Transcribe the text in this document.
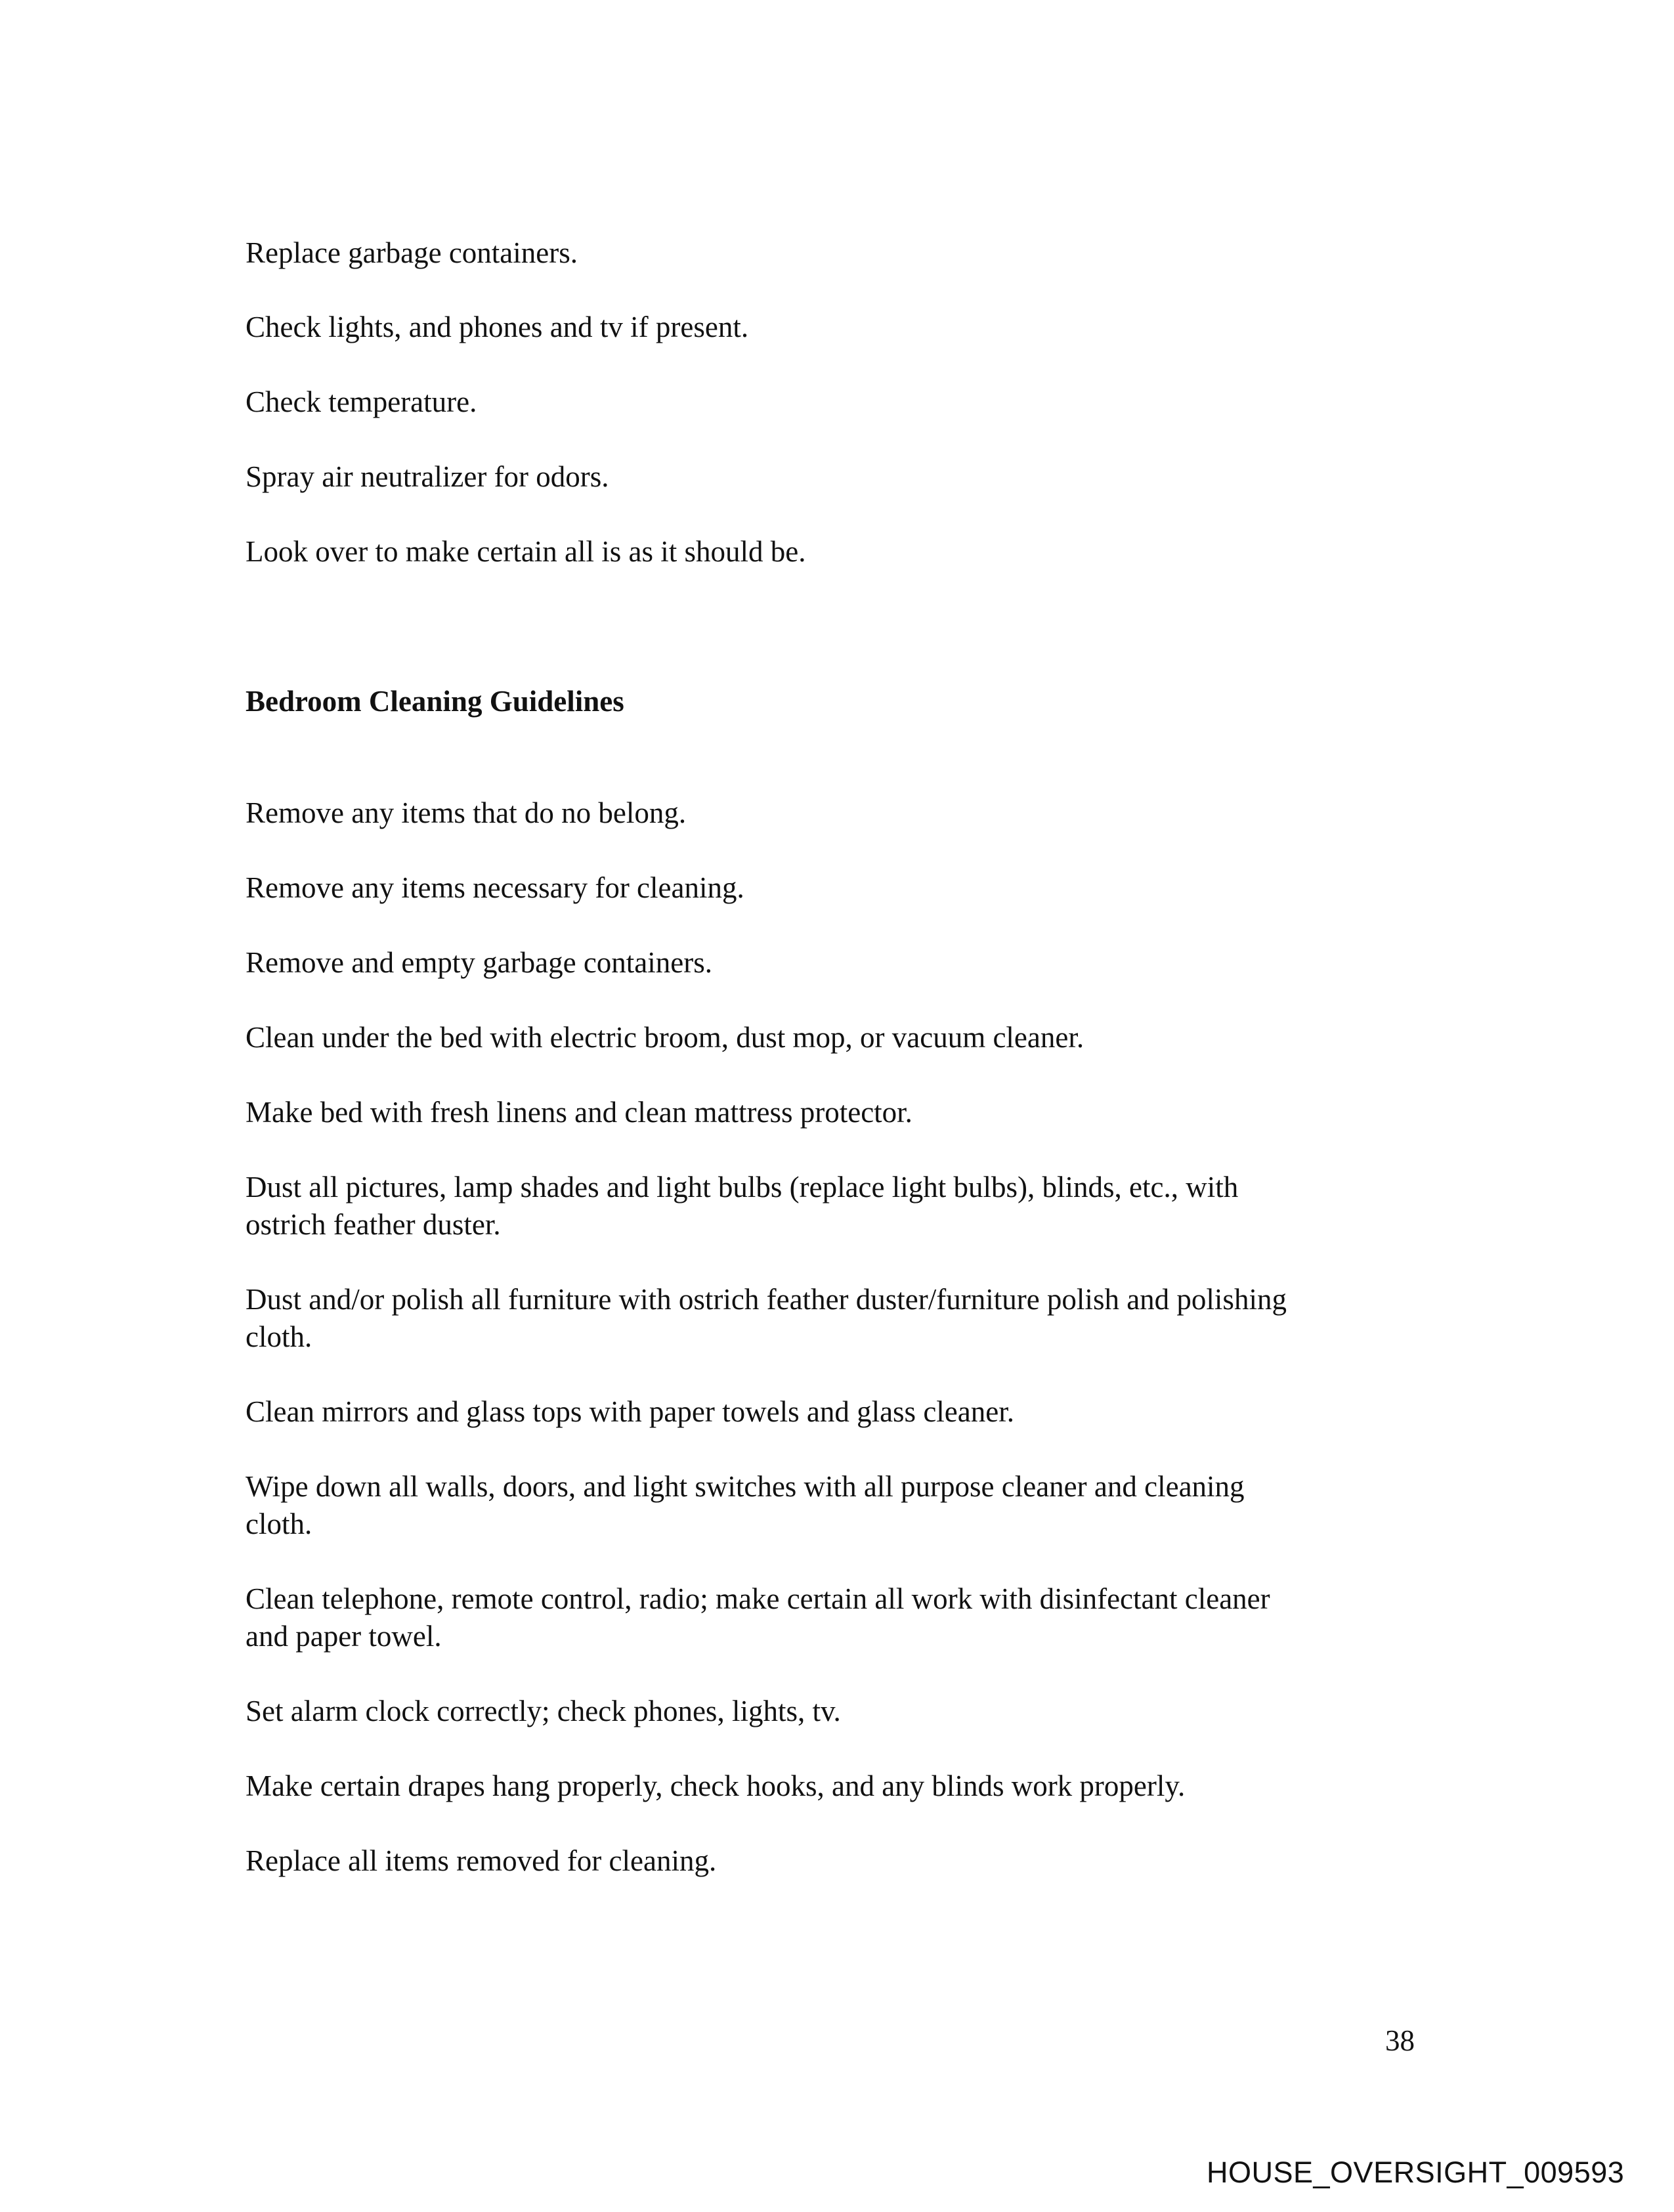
Replace garbage containers.

Check lights, and phones and tv if present.

Check temperature.

Spray air neutralizer for odors.

Look over to make certain all is as it should be.

Bedroom Cleaning Guidelines

Remove any items that do no belong.

Remove any items necessary for cleaning.

Remove and empty garbage containers.

Clean under the bed with electric broom, dust mop, or vacuum cleaner.

Make bed with fresh linens and clean mattress protector.

Dust all pictures, lamp shades and light bulbs (replace light bulbs), blinds, etc., with

ostrich feather duster.

Dust and/or polish all furniture with ostrich feather duster/furniture polish and polishing

cloth.

Clean mirrors and glass tops with paper towels and glass cleaner.

Wipe down all walls, doors, and light switches with all purpose cleaner and cleaning

cloth.

Clean telephone, remote control, radio; make certain all work with disinfectant cleaner

and paper towel.

Set alarm clock correctly; check phones, lights, tv.

Make certain drapes hang properly, check hooks, and any blinds work properly.

Replace all items removed for cleaning.

38

HOUSE_OVERSIGHT_009593
